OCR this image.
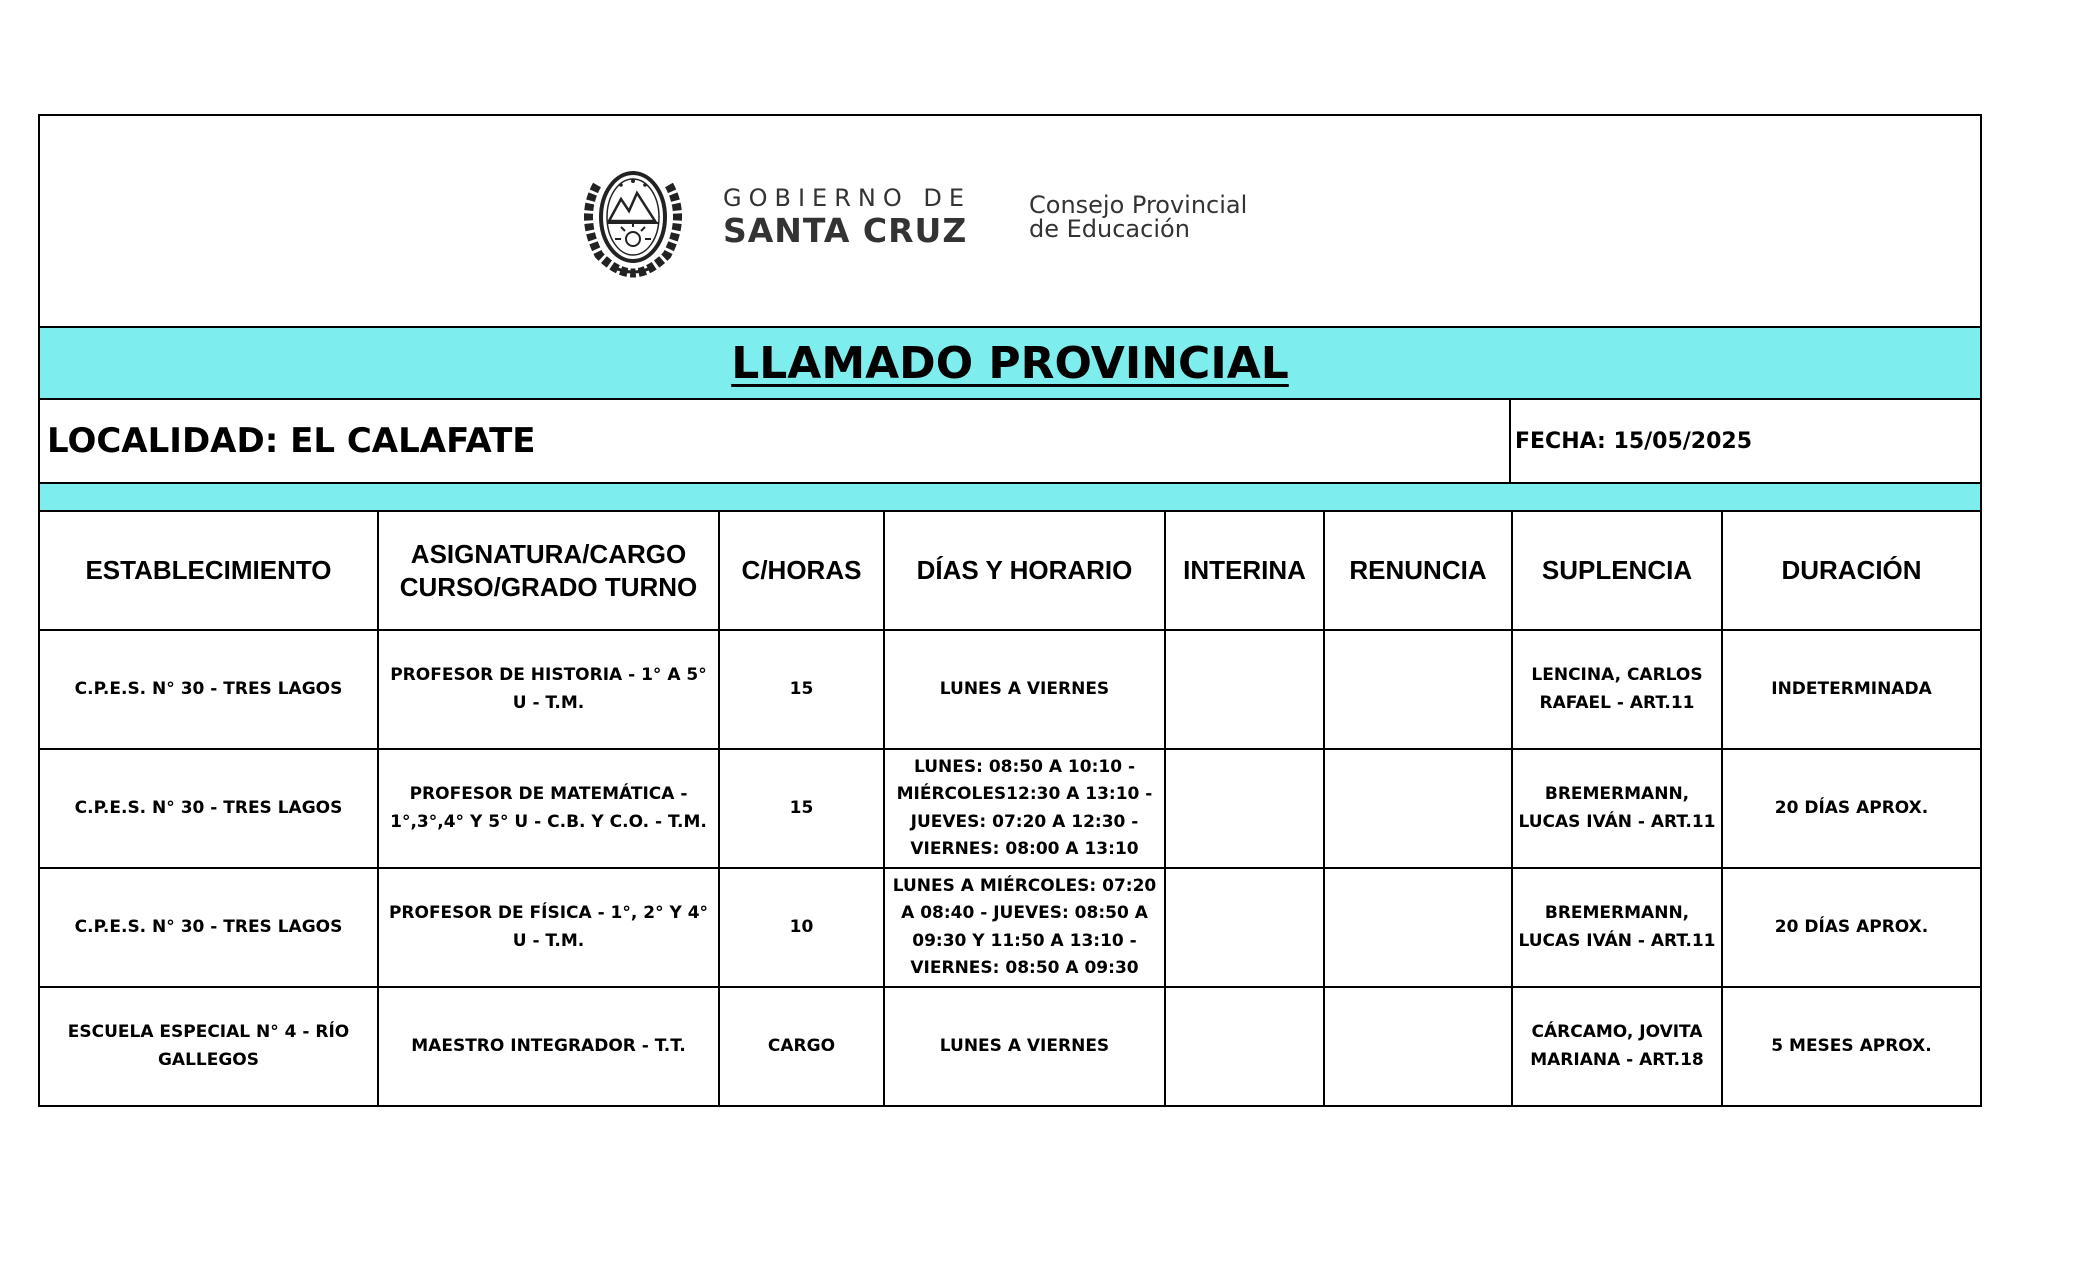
GOBIERNO DE
SANTA CRUZ
Consejo Provincial
de Educación
LLAMADO PROVINCIAL
LOCALIDAD: EL CALAFATE	FECHA: 15/05/2025
ESTABLECIMIENTO	ASIGNATURA/CARGO CURSO/GRADO TURNO	C/HORAS	DÍAS Y HORARIO	INTERINA	RENUNCIA	SUPLENCIA	DURACIÓN
C.P.E.S. N° 30 - TRES LAGOS	PROFESOR DE HISTORIA - 1° A 5° U - T.M.	15	LUNES A VIERNES			LENCINA, CARLOS RAFAEL - ART.11	INDETERMINADA
C.P.E.S. N° 30 - TRES LAGOS	PROFESOR DE MATEMÁTICA - 1°,3°,4° Y 5° U - C.B. Y C.O. - T.M.	15	LUNES: 08:50 A 10:10 - MIÉRCOLES12:30 A 13:10 - JUEVES: 07:20 A 12:30 - VIERNES: 08:00 A 13:10			BREMERMANN, LUCAS IVÁN - ART.11	20 DÍAS APROX.
C.P.E.S. N° 30 - TRES LAGOS	PROFESOR DE FÍSICA - 1°, 2° Y 4° U - T.M.	10	LUNES A MIÉRCOLES: 07:20 A 08:40 - JUEVES: 08:50 A 09:30 Y 11:50 A 13:10 - VIERNES: 08:50 A 09:30			BREMERMANN, LUCAS IVÁN - ART.11	20 DÍAS APROX.
ESCUELA ESPECIAL N° 4 - RÍO GALLEGOS	MAESTRO INTEGRADOR - T.T.	CARGO	LUNES A VIERNES			CÁRCAMO, JOVITA MARIANA - ART.18	5 MESES APROX.
